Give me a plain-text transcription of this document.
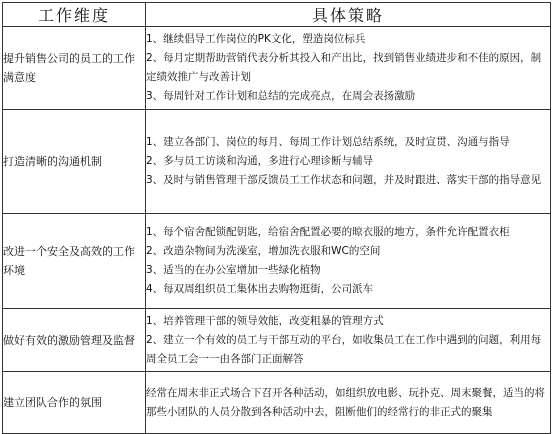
工作维度	具体策略
提升销售公司的员工的工作满意度	1、继续倡导工作岗位的PK文化，塑造岗位标兵
2、每月定期帮助营销代表分析其投入和产出比，找到销售业绩进步和不佳的原因，制定绩效推广与改善计划
3、每周针对工作计划和总结的完成亮点，在周会表扬激励

打造清晰的沟通机制	1、建立各部门、岗位的每月、每周工作计划总结系统，及时宣贯、沟通与指导
2、多与员工访谈和沟通，多进行心理诊断与辅导
3、及时与销售管理干部反馈员工工作状态和问题，并及时跟进、落实干部的指导意见

改进一个安全及高效的工作环境	1、每个宿舍配锁配钥匙，给宿舍配置必要的晾衣服的地方，条件允许配置衣柜
2、改造杂物间为洗澡室，增加洗衣服和WC的空间
3、适当的在办公室增加一些绿化植物
4、每双周组织员工集体出去购物逛街，公司派车

做好有效的激励管理及监督	1、培养管理干部的领导效能，改变粗暴的管理方式
2、建立一个有效的员工与干部互动的平台，如收集员工在工作中遇到的问题，利用每周全员工会一一由各部门正面解答

建立团队合作的氛围	经常在周末非正式场合下召开各种活动，如组织放电影、玩扑克、周末聚餐，适当的将那些小团队的人员分散到各种活动中去，阻断他们的经常行的非正式的聚集
